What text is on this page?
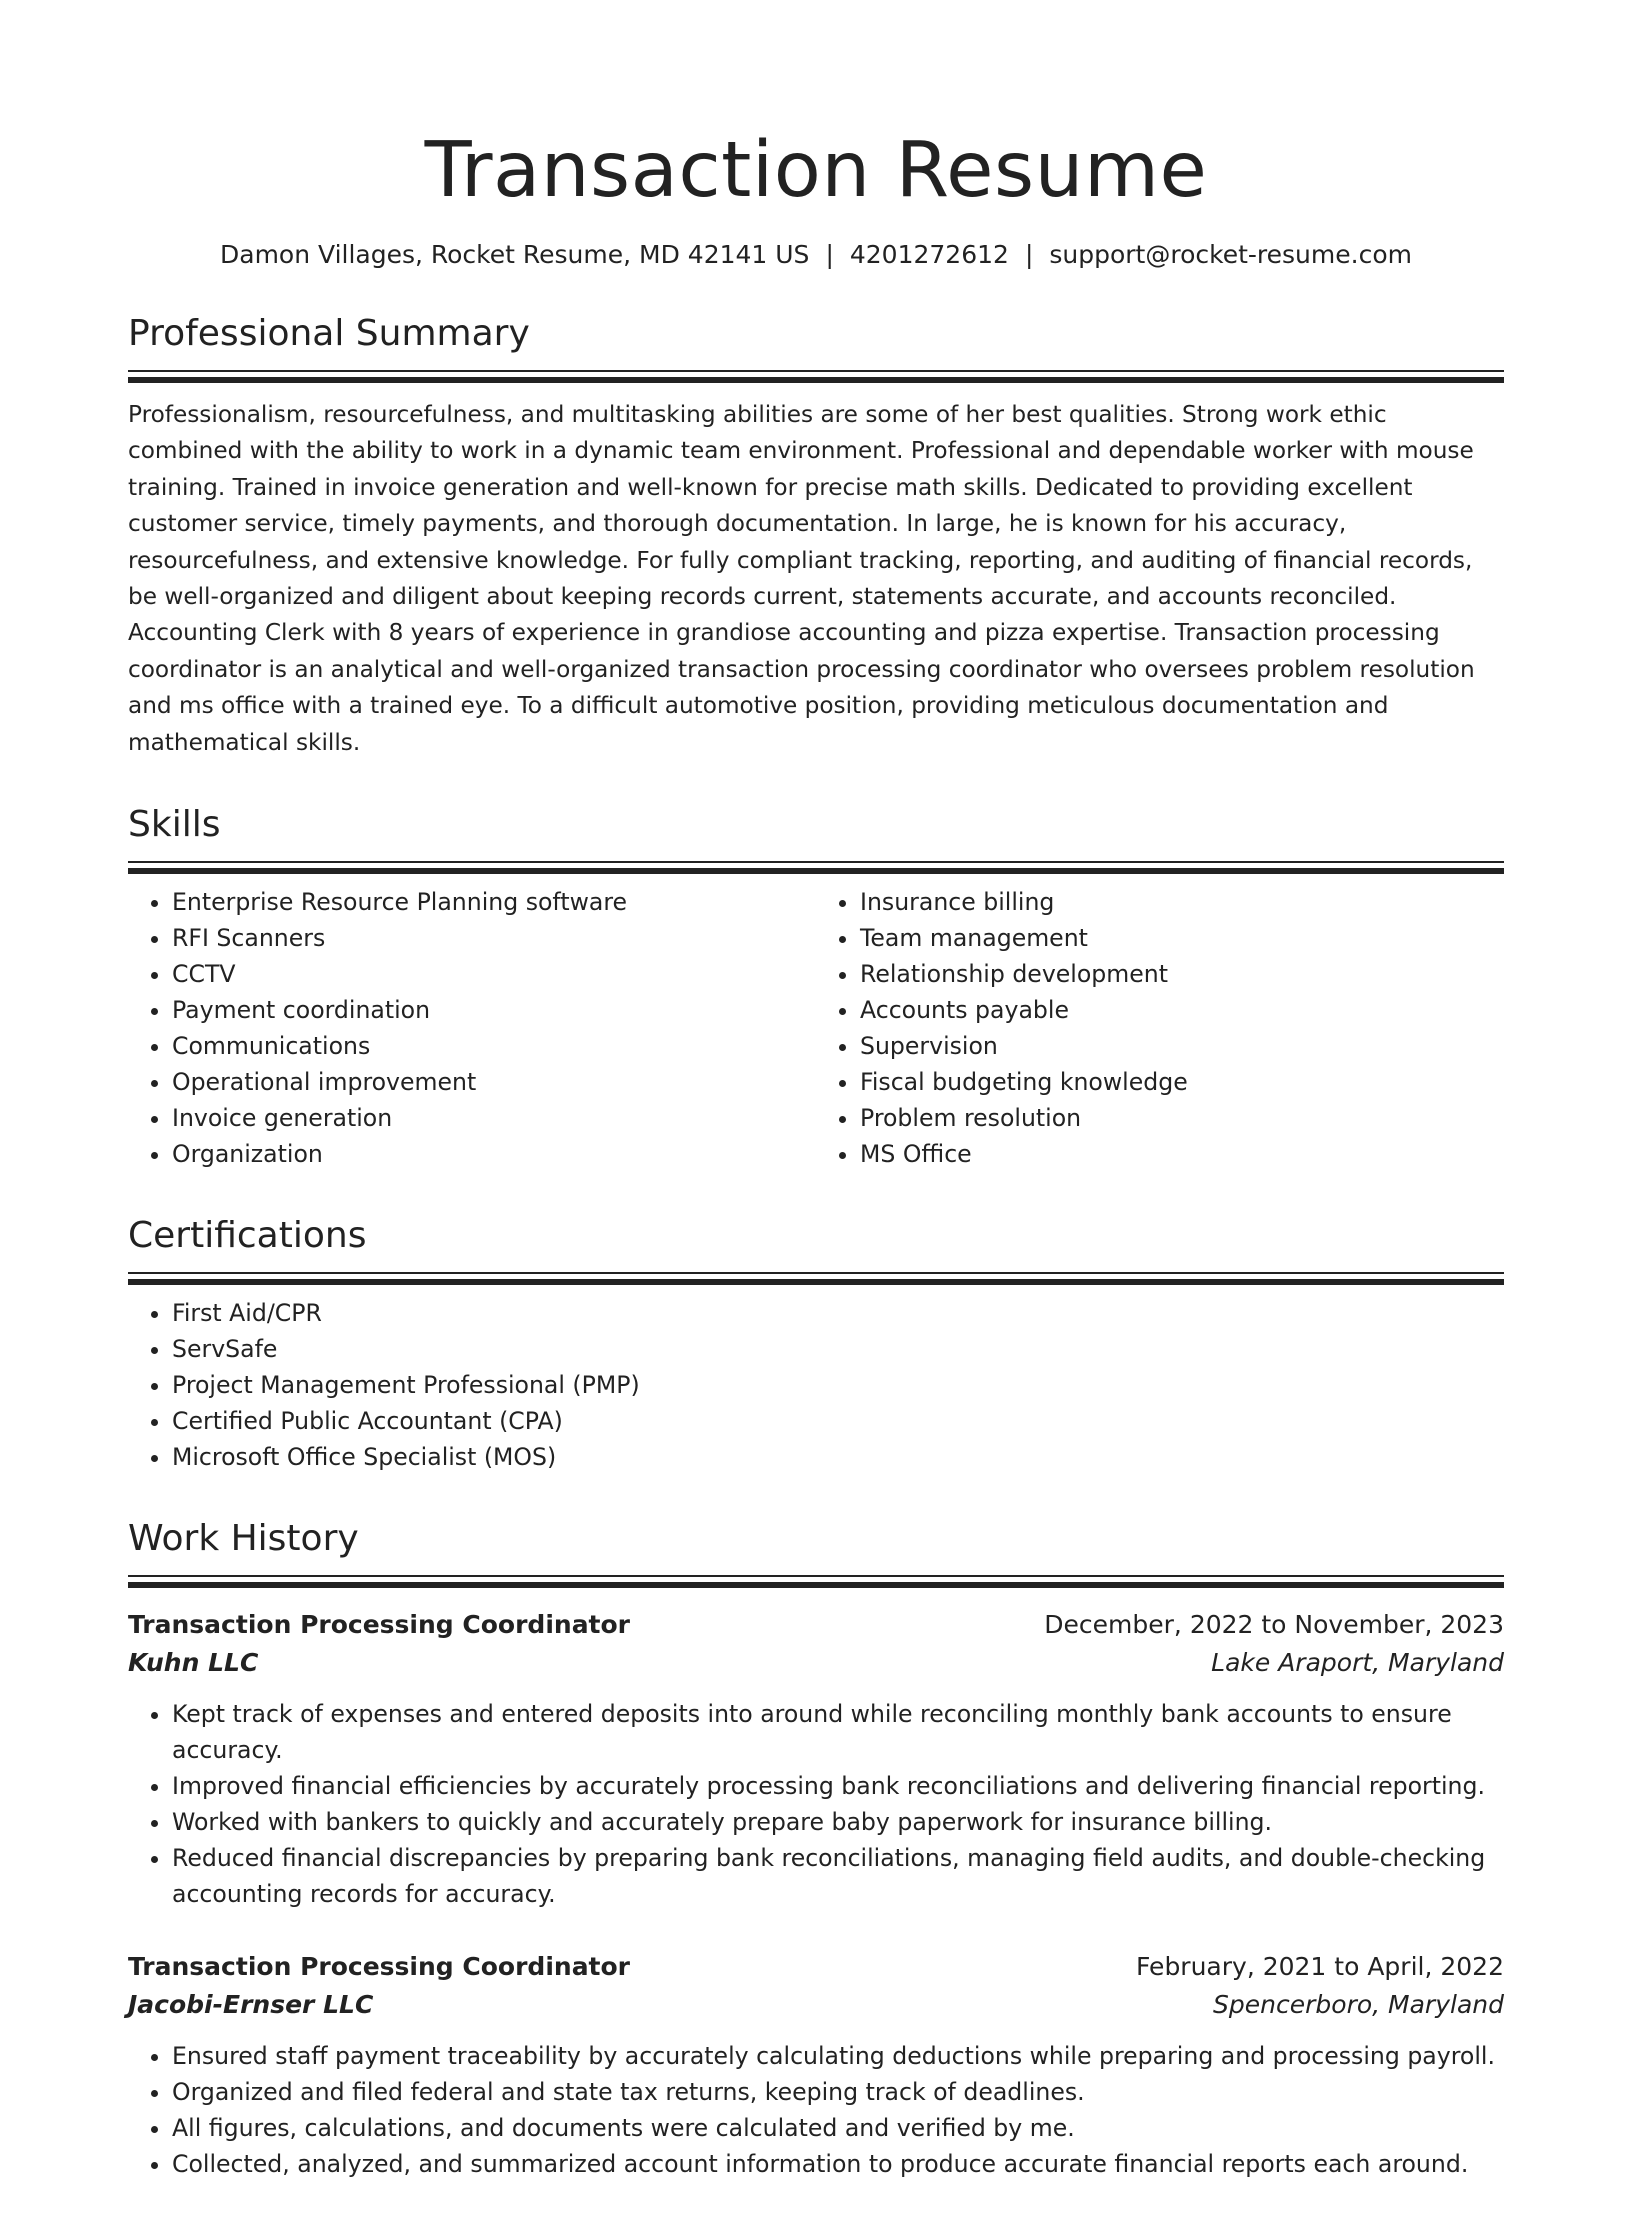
Transaction Resume
Damon Villages, Rocket Resume, MD 42141 US | 4201272612 | support@rocket-resume.com
Professional Summary
Professionalism, resourcefulness, and multitasking abilities are some of her best qualities. Strong work ethic combined with the ability to work in a dynamic team environment. Professional and dependable worker with mouse training. Trained in invoice generation and well-known for precise math skills. Dedicated to providing excellent customer service, timely payments, and thorough documentation. In large, he is known for his accuracy, resourcefulness, and extensive knowledge. For fully compliant tracking, reporting, and auditing of financial records, be well-organized and diligent about keeping records current, statements accurate, and accounts reconciled. Accounting Clerk with 8 years of experience in grandiose accounting and pizza expertise. Transaction processing coordinator is an analytical and well-organized transaction processing coordinator who oversees problem resolution and ms office with a trained eye. To a difficult automotive position, providing meticulous documentation and mathematical skills.
Skills
• Enterprise Resource Planning software
• RFI Scanners
• CCTV
• Payment coordination
• Communications
• Operational improvement
• Invoice generation
• Organization
• Insurance billing
• Team management
• Relationship development
• Accounts payable
• Supervision
• Fiscal budgeting knowledge
• Problem resolution
• MS Office
Certifications
• First Aid/CPR
• ServSafe
• Project Management Professional (PMP)
• Certified Public Accountant (CPA)
• Microsoft Office Specialist (MOS)
Work History
Transaction Processing Coordinator	December, 2022 to November, 2023
Kuhn LLC	Lake Araport, Maryland
• Kept track of expenses and entered deposits into around while reconciling monthly bank accounts to ensure accuracy.
• Improved financial efficiencies by accurately processing bank reconciliations and delivering financial reporting.
• Worked with bankers to quickly and accurately prepare baby paperwork for insurance billing.
• Reduced financial discrepancies by preparing bank reconciliations, managing field audits, and double-checking accounting records for accuracy.
Transaction Processing Coordinator	February, 2021 to April, 2022
Jacobi-Ernser LLC	Spencerboro, Maryland
• Ensured staff payment traceability by accurately calculating deductions while preparing and processing payroll.
• Organized and filed federal and state tax returns, keeping track of deadlines.
• All figures, calculations, and documents were calculated and verified by me.
• Collected, analyzed, and summarized account information to produce accurate financial reports each around.
